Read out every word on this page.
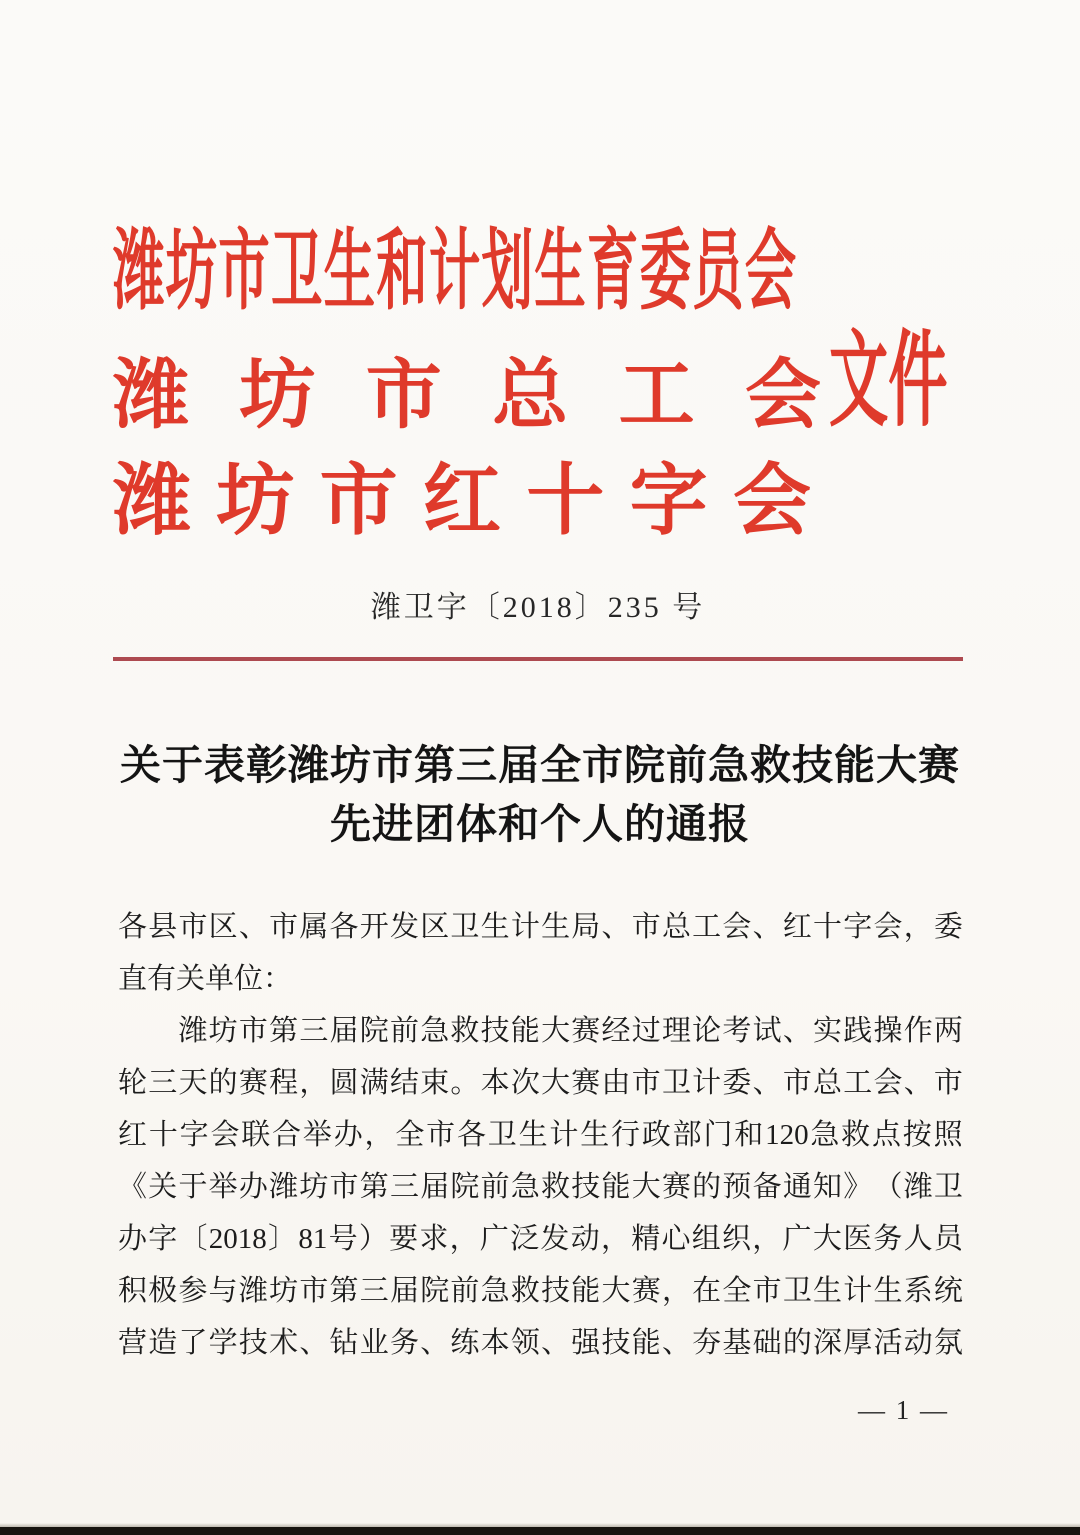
潍坊市卫生和计划生育委员会
潍 坊 市 总 工 会 文件
潍 坊 市 红 十 字 会
潍卫字〔2018〕235 号
关于表彰潍坊市第三届全市院前急救技能大赛
先进团体和个人的通报
各 县 市 区 、 市 属 各 开 发 区 卫 生 计 生 局 、 市 总 工 会 、 红 十 字 会 ， 委
直有关单位：

潍 坊 市 第 三 届 院 前 急 救 技 能 大 赛 经 过 理 论 考 试 、 实 践 操 作 两
轮 三 天 的 赛 程 ， 圆 满 结 束 。 本 次 大 赛 由 市 卫 计 委 、 市 总 工 会 、 市
红 十 字 会 联 合 举 办 ， 全 市 各 卫 生 计 生 行 政 部 门 和 120 急 救 点 按 照
《 关 于 举 办 潍 坊 市 第 三 届 院 前 急 救 技 能 大 赛 的 预 备 通 知 》 （ 潍 卫
办 字 〔 2018 〕 81 号 ） 要 求 ， 广 泛 发 动 ， 精 心 组 织 ， 广 大 医 务 人 员
积 极 参 与 潍 坊 市 第 三 届 院 前 急 救 技 能 大 赛 ， 在 全 市 卫 生 计 生 系 统
营 造 了 学 技 术 、 钻 业 务 、 练 本 领 、 强 技 能 、 夯 基 础 的 深 厚 活 动 氛
— 1 —
